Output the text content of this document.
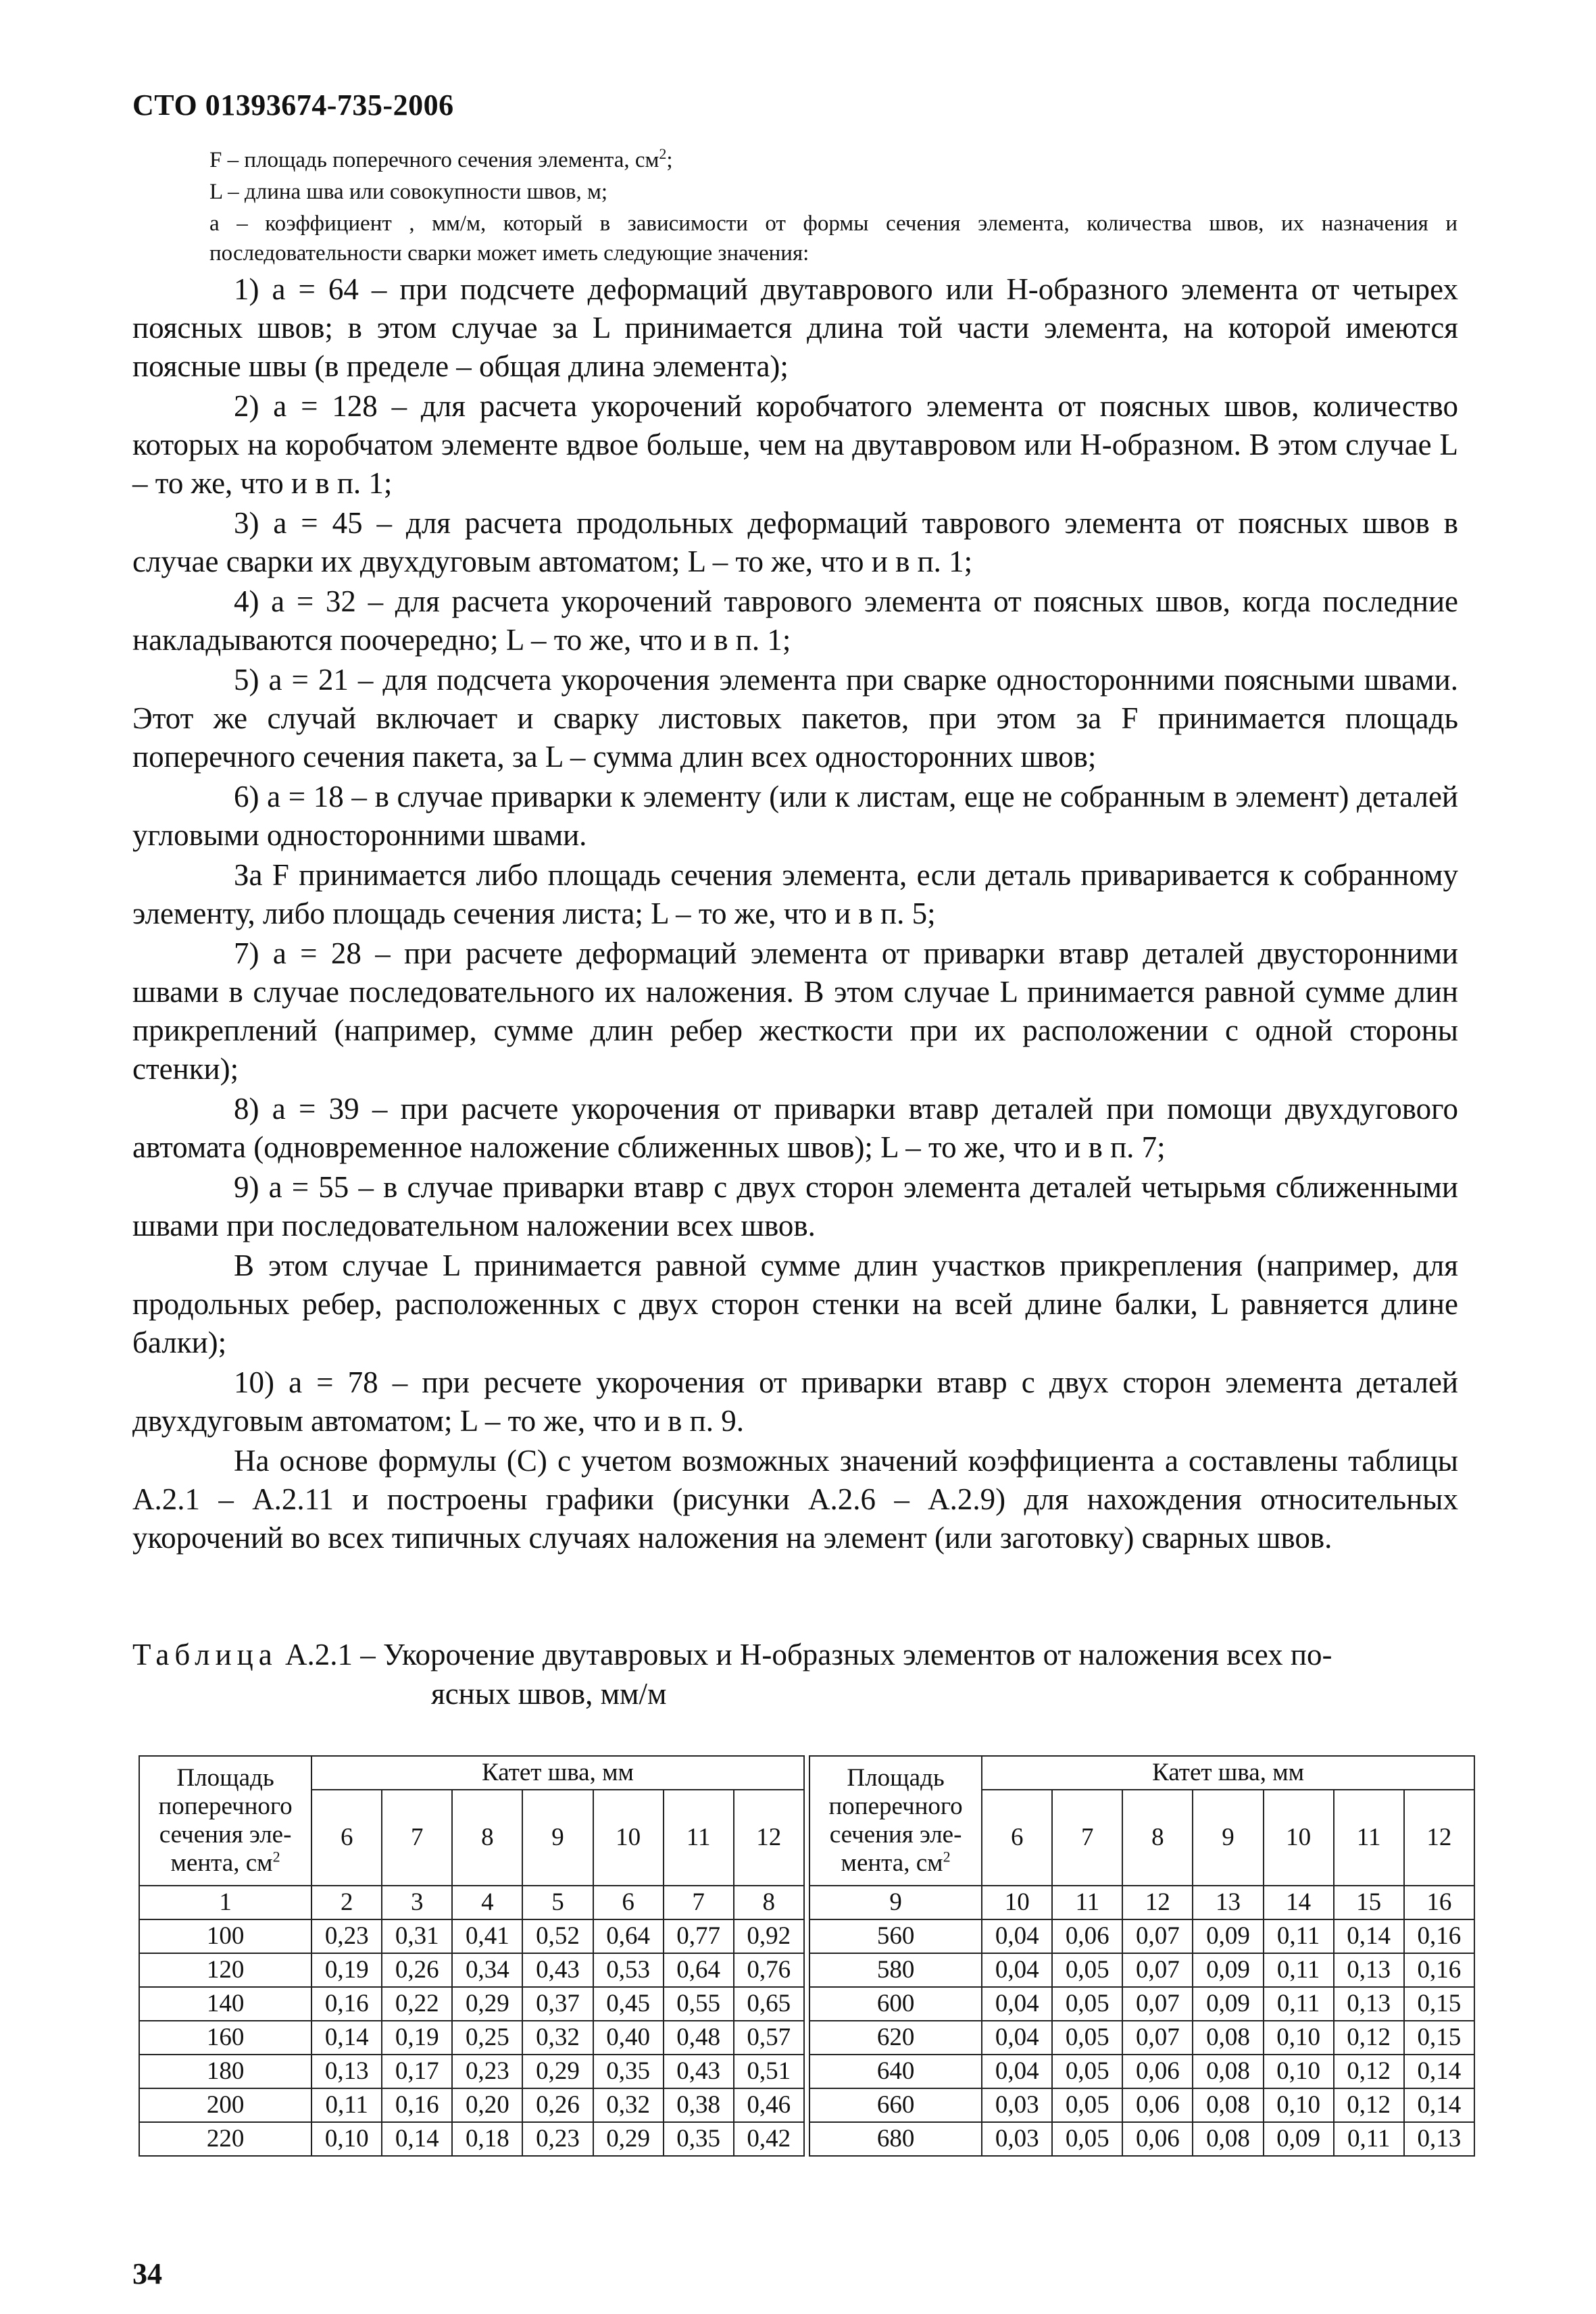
СТО 01393674-735-2006
F – площадь поперечного сечения элемента, $см^2$;
L – длина шва или совокупности швов, м;
а – коэффициент , мм/м, который в зависимости от формы сечения элемента, количества швов, их назначения и последовательности сварки может иметь следующие значения:

1) а = 64 – при подсчете деформаций двутаврового или Н-образного элемента от четырех поясных швов; в этом случае за L принимается длина той части элемента, на которой имеются поясные швы (в пределе – общая длина элемента);

2) а = 128 – для расчета укорочений коробчатого элемента от поясных швов, количество которых на коробчатом элементе вдвое больше, чем на двутавровом или Н-образном. В этом случае L – то же, что и в п. 1;

3) а = 45 – для расчета продольных деформаций таврового элемента от поясных швов в случае сварки их двухдуговым автоматом; L – то же, что и в п. 1;

4) а = 32 – для расчета укорочений таврового элемента от поясных швов, когда последние накладываются поочередно; L – то же, что и в п. 1;

5) а = 21 – для подсчета укорочения элемента при сварке односторонними поясными швами. Этот же случай включает и сварку листовых пакетов, при этом за F принимается площадь поперечного сечения пакета, за L – сумма длин всех односторонних швов;

6) а = 18 – в случае приварки к элементу (или к листам, еще не собранным в элемент) деталей угловыми односторонними швами.

За F принимается либо площадь сечения элемента, если деталь приваривается к собранному элементу, либо площадь сечения листа; L – то же, что и в п. 5;

7) а = 28 – при расчете деформаций элемента от приварки втавр деталей двусторонними швами в случае последовательного их наложения. В этом случае L принимается равной сумме длин прикреплений (например, сумме длин ребер жесткости при их расположении с одной стороны стенки);

8) а = 39 – при расчете укорочения от приварки втавр деталей при помощи двухдугового автомата (одновременное наложение сближенных швов); L – то же, что и в п. 7;

9) а = 55 – в случае приварки втавр с двух сторон элемента деталей четырьмя сближенными швами при последовательном наложении всех швов.

В этом случае L принимается равной сумме длин участков прикрепления (например, для продольных ребер, расположенных с двух сторон стенки на всей длине балки, L равняется длине балки);

10) а = 78 – при ресчете укорочения от приварки втавр с двух сторон элемента деталей двухдуговым автоматом; L – то же, что и в п. 9.

На основе формулы (С) с учетом возможных значений коэффициента а составлены таблицы А.2.1 – А.2.11 и построены графики (рисунки А.2.6 – А.2.9) для нахождения относительных укорочений во всех типичных случаях наложения на элемент (или заготовку) сварных швов.

Таблица А.2.1 – Укорочение двутавровых и Н-образных элементов от наложения всех по-
ясных швов, мм/м
Площадь поперечного сечения эле-мента, $см^2$	Катет шва, мм								Площадь поперечного сечения эле-мента, $см^2$	Катет шва, мм						
	6	7	8	9	10	11	12			6	7	8	9	10	11	12
1	2	3	4	5	6	7	8		9	10	11	12	13	14	15	16
100	0,23	0,31	0,41	0,52	0,64	0,77	0,92		560	0,04	0,06	0,07	0,09	0,11	0,14	0,16
120	0,19	0,26	0,34	0,43	0,53	0,64	0,76		580	0,04	0,05	0,07	0,09	0,11	0,13	0,16
140	0,16	0,22	0,29	0,37	0,45	0,55	0,65		600	0,04	0,05	0,07	0,09	0,11	0,13	0,15
160	0,14	0,19	0,25	0,32	0,40	0,48	0,57		620	0,04	0,05	0,07	0,08	0,10	0,12	0,15
180	0,13	0,17	0,23	0,29	0,35	0,43	0,51		640	0,04	0,05	0,06	0,08	0,10	0,12	0,14
200	0,11	0,16	0,20	0,26	0,32	0,38	0,46		660	0,03	0,05	0,06	0,08	0,10	0,12	0,14
220	0,10	0,14	0,18	0,23	0,29	0,35	0,42		680	0,03	0,05	0,06	0,08	0,09	0,11	0,13
34
